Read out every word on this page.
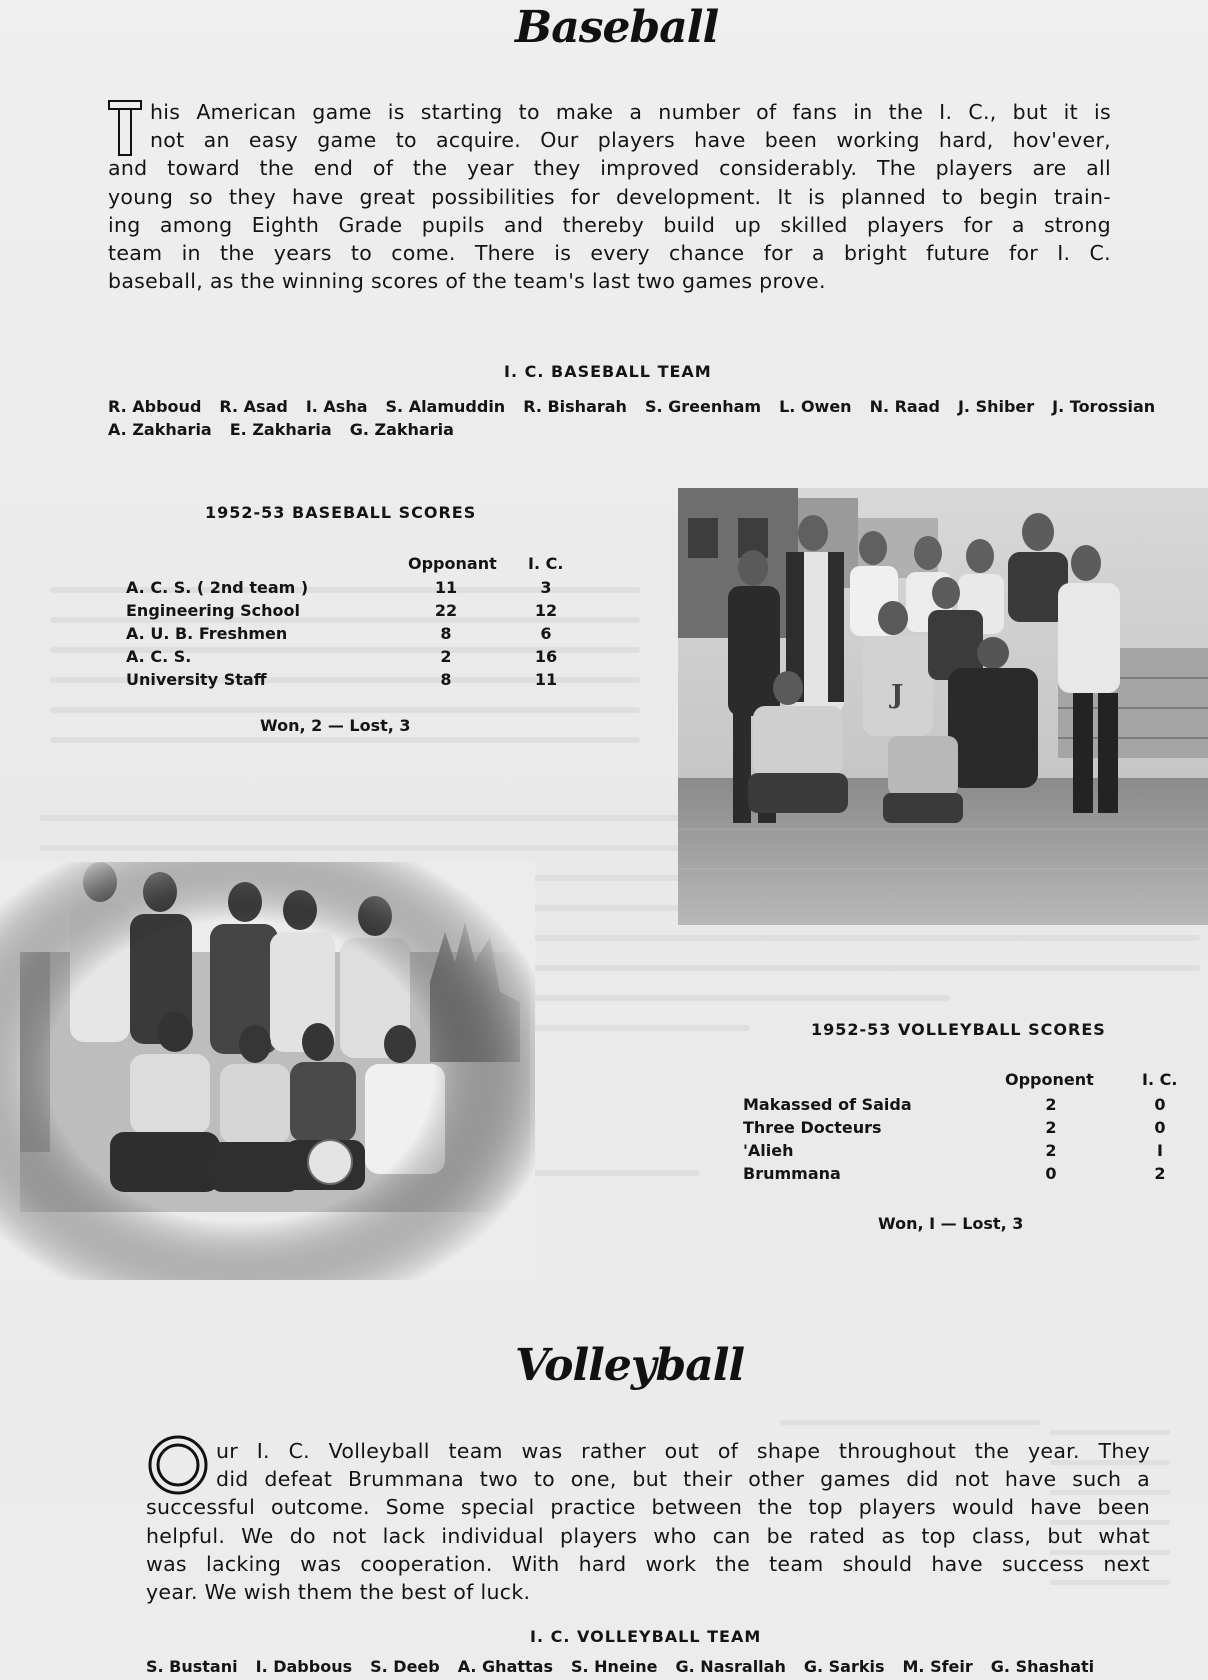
Baseball
his American game is starting to make a number of fans in the I. C., but it is
not an easy game to acquire. Our players have been working hard, hov'ever,
and toward the end of the year they improved considerably. The players are all
young so they have great possibilities for development. It is planned to begin train-
ing among Eighth Grade pupils and thereby build up skilled players for a strong
team in the years to come. There is every chance for a bright future for I. C.
baseball, as the winning scores of the team's last two games prove.
I. C. BASEBALL TEAM
R. Abboud R. Asad I. Asha S. Alamuddin R. Bisharah S. Greenham L. Owen N. Raad J. Shiber J. Torossian
A. Zakharia E. Zakharia G. Zakharia
1952-53 BASEBALL SCORES
Opponant I. C.
A. C. S. ( 2nd team )	11	3
Engineering School	22	12
A. U. B. Freshmen	8	6
A. C. S.	2	16
University Staff	8	11
Won, 2 — Lost, 3
J
1952-53 VOLLEYBALL SCORES
Opponent	I. C.
Makassed of Saida	2	0
Three Docteurs	2	0
'Alieh	2	I
Brummana	0	2
Won, I — Lost, 3
Volleyball
ur I. C. Volleyball team was rather out of shape throughout the year. They
did defeat Brummana two to one, but their other games did not have such a
successful outcome. Some special practice between the top players would have been
helpful. We do not lack individual players who can be rated as top class, but what
was lacking was cooperation. With hard work the team should have success next
year. We wish them the best of luck.
I. C. VOLLEYBALL TEAM
S. Bustani I. Dabbous S. Deeb A. Ghattas S. Hneine G. Nasrallah G. Sarkis M. Sfeir G. Shashati
